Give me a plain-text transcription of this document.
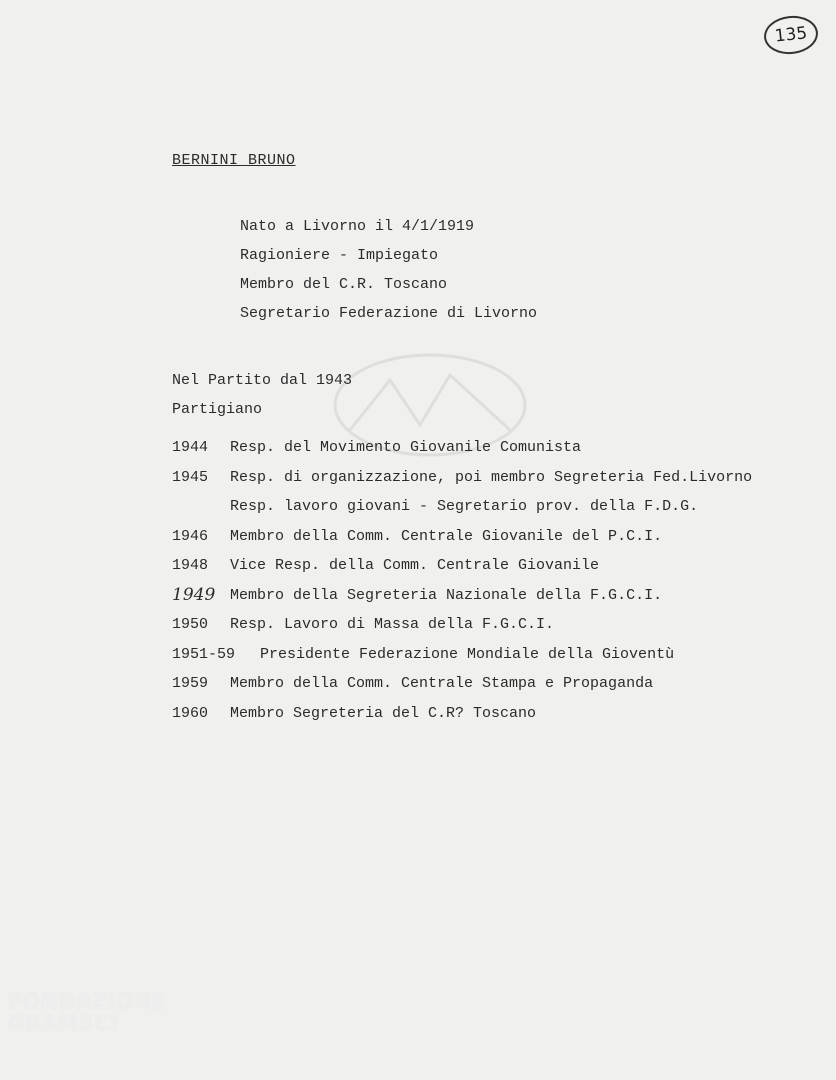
135
BERNINI BRUNO
Nato a Livorno il 4/1/1919
Ragioniere - Impiegato
Membro del C.R. Toscano
Segretario Federazione di Livorno
Nel Partito dal 1943
Partigiano
1944	Resp. del Movimento Giovanile Comunista
1945	Resp. di organizzazione, poi membro Segreteria Fed.Livorno
Resp. lavoro giovani - Segretario prov. della F.D.G.
1946	Membro della Comm. Centrale Giovanile del P.C.I.
1948	Vice Resp. della Comm. Centrale Giovanile
1949 Membro della Segreteria Nazionale della F.G.C.I.
1950	Resp. Lavoro di Massa della F.G.C.I.
1951-59	Presidente Federazione Mondiale della Gioventù
1959	Membro della Comm. Centrale Stampa e Propaganda
1960	Membro Segreteria del C.R? Toscano
FONDAZIONE
GRAMSCI
